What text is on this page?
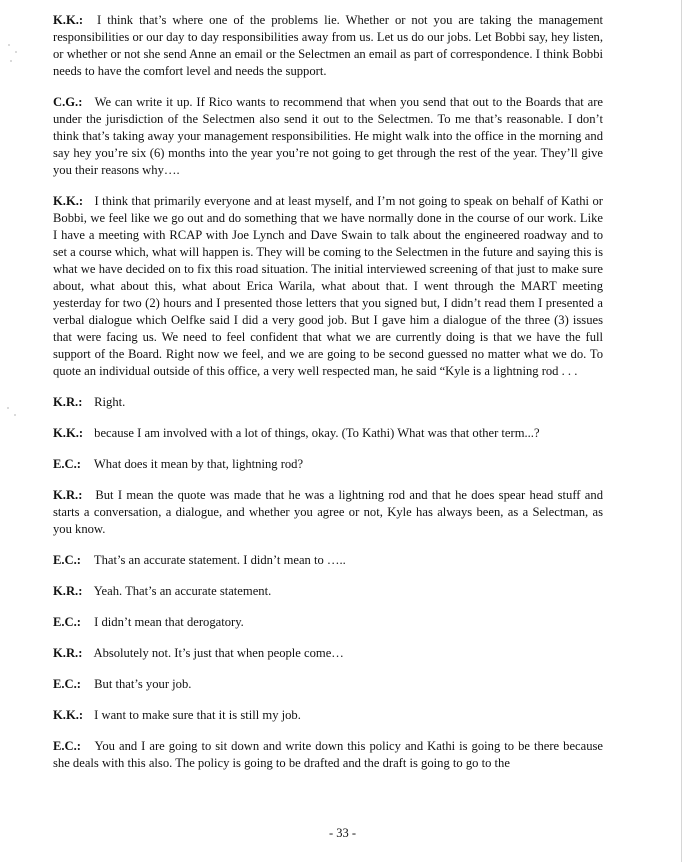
K.K.: I think that’s where one of the problems lie. Whether or not you are taking the management responsibilities or our day to day responsibilities away from us. Let us do our jobs. Let Bobbi say, hey listen, or whether or not she send Anne an email or the Selectmen an email as part of correspondence. I think Bobbi needs to have the comfort level and needs the support.

C.G.: We can write it up. If Rico wants to recommend that when you send that out to the Boards that are under the jurisdiction of the Selectmen also send it out to the Selectmen. To me that’s reasonable. I don’t think that’s taking away your management responsibilities. He might walk into the office in the morning and say hey you’re six (6) months into the year you’re not going to get through the rest of the year. They’ll give you their reasons why….

K.K.: I think that primarily everyone and at least myself, and I’m not going to speak on behalf of Kathi or Bobbi, we feel like we go out and do something that we have normally done in the course of our work. Like I have a meeting with RCAP with Joe Lynch and Dave Swain to talk about the engineered roadway and to set a course which, what will happen is. They will be coming to the Selectmen in the future and saying this is what we have decided on to fix this road situation. The initial interviewed screening of that just to make sure about, what about this, what about Erica Warila, what about that. I went through the MART meeting yesterday for two (2) hours and I presented those letters that you signed but, I didn’t read them I presented a verbal dialogue which Oelfke said I did a very good job. But I gave him a dialogue of the three (3) issues that were facing us. We need to feel confident that what we are currently doing is that we have the full support of the Board. Right now we feel, and we are going to be second guessed no matter what we do. To quote an individual outside of this office, a very well respected man, he said “Kyle is a lightning rod . . .

K.R.: Right.

K.K.: because I am involved with a lot of things, okay. (To Kathi) What was that other term...?

E.C.: What does it mean by that, lightning rod?

K.R.: But I mean the quote was made that he was a lightning rod and that he does spear head stuff and starts a conversation, a dialogue, and whether you agree or not, Kyle has always been, as a Selectman, as you know.

E.C.: That’s an accurate statement. I didn’t mean to …..

K.R.: Yeah. That’s an accurate statement.

E.C.: I didn’t mean that derogatory.

K.R.: Absolutely not. It’s just that when people come…

E.C.: But that’s your job.

K.K.: I want to make sure that it is still my job.

E.C.: You and I are going to sit down and write down this policy and Kathi is going to be there because she deals with this also. The policy is going to be drafted and the draft is going to go to the

- 33 -
